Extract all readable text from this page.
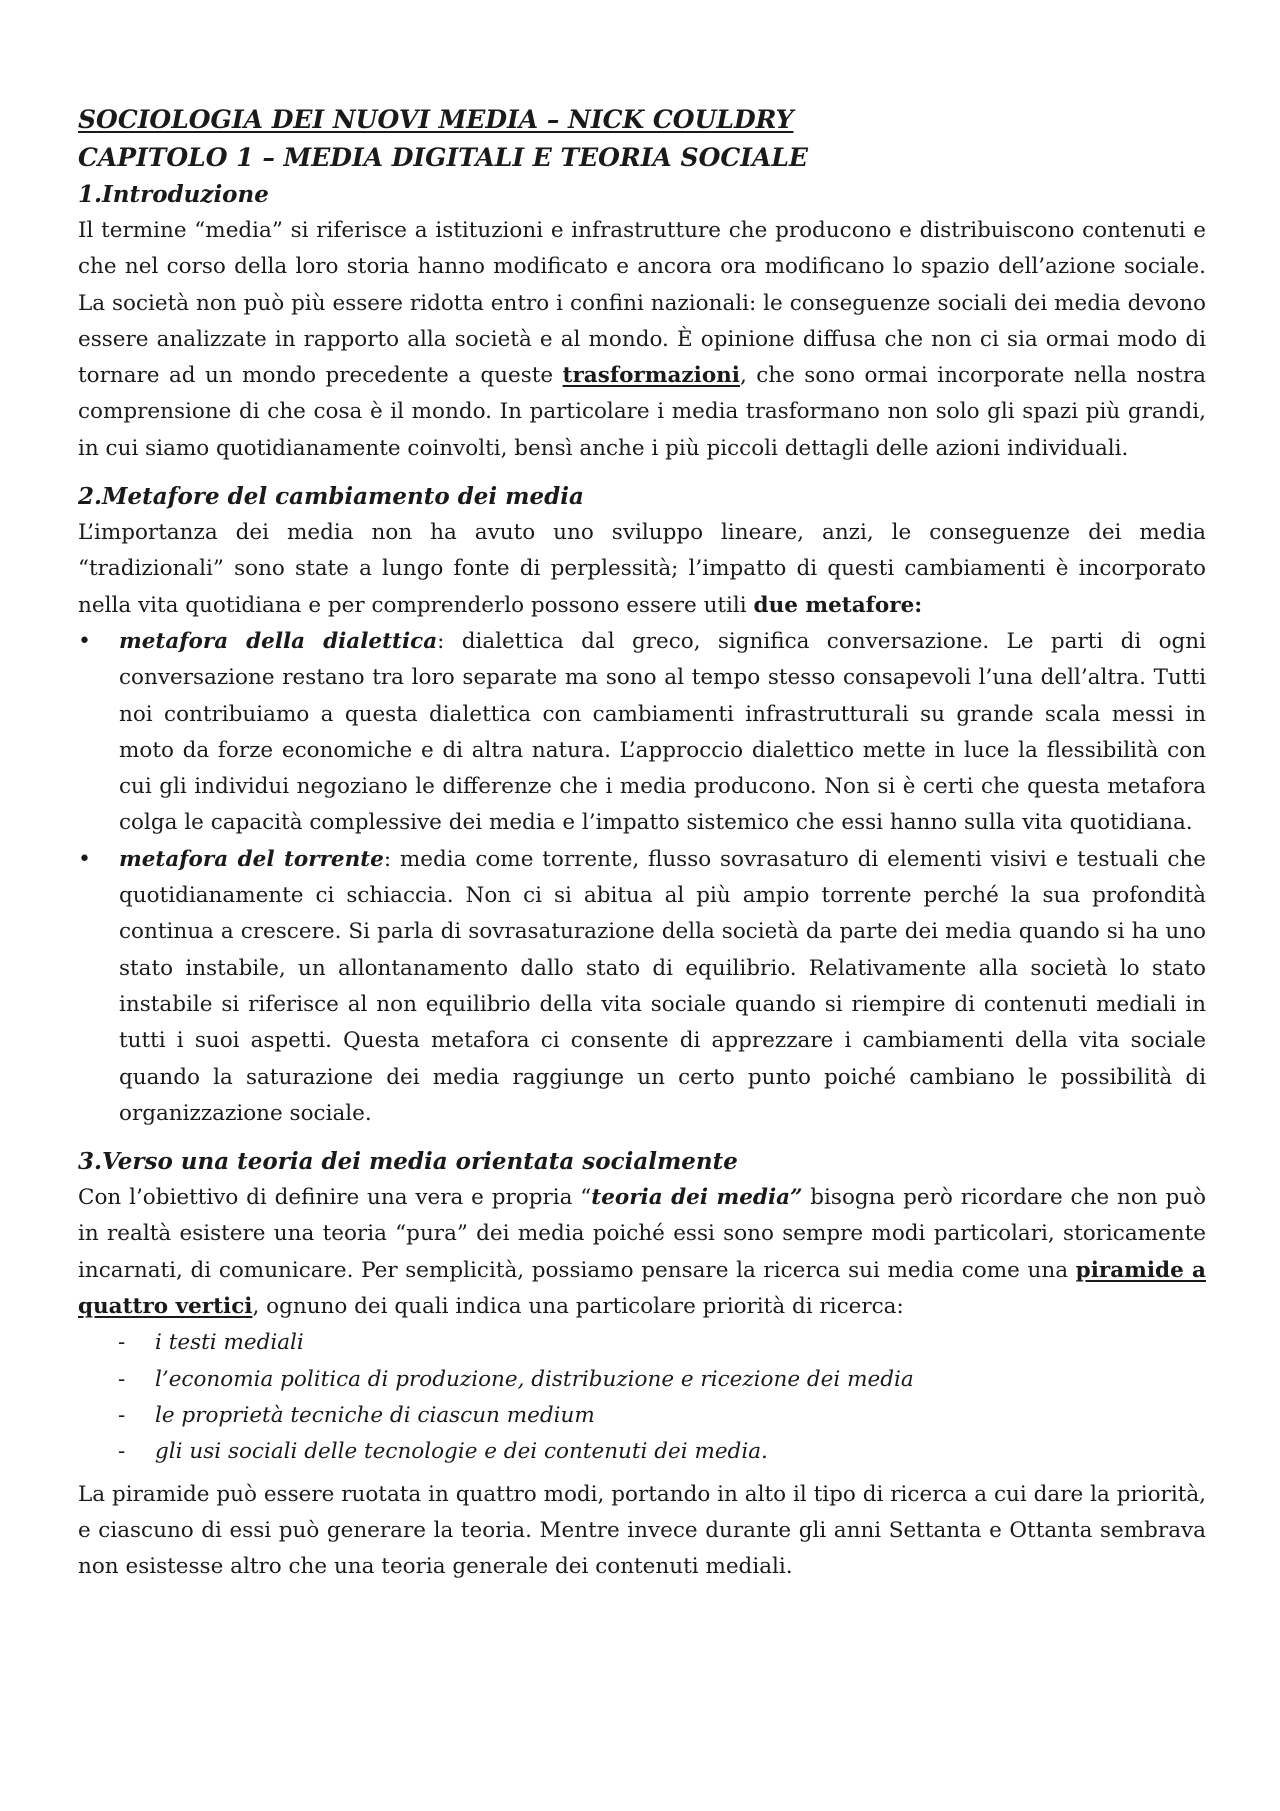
SOCIOLOGIA DEI NUOVI MEDIA – NICK COULDRY
CAPITOLO 1 – MEDIA DIGITALI E TEORIA SOCIALE
1.Introduzione

Il termine “media” si riferisce a istituzioni e infrastrutture che producono e distribuiscono contenuti e che nel corso della loro storia hanno modificato e ancora ora modificano lo spazio dell’azione sociale. La società non può più essere ridotta entro i confini nazionali: le conseguenze sociali dei media devono essere analizzate in rapporto alla società e al mondo. È opinione diffusa che non ci sia ormai modo di tornare ad un mondo precedente a queste trasformazioni, che sono ormai incorporate nella nostra comprensione di che cosa è il mondo. In particolare i media trasformano non solo gli spazi più grandi, in cui siamo quotidianamente coinvolti, bensì anche i più piccoli dettagli delle azioni individuali.

2.Metafore del cambiamento dei media

L’importanza dei media non ha avuto uno sviluppo lineare, anzi, le conseguenze dei media “tradizionali” sono state a lungo fonte di perplessità; l’impatto di questi cambiamenti è incorporato nella vita quotidiana e per comprenderlo possono essere utili due metafore:

• metafora della dialettica: dialettica dal greco, significa conversazione. Le parti di ogni conversazione restano tra loro separate ma sono al tempo stesso consapevoli l’una dell’altra. Tutti noi contribuiamo a questa dialettica con cambiamenti infrastrutturali su grande scala messi in moto da forze economiche e di altra natura. L’approccio dialettico mette in luce la flessibilità con cui gli individui negoziano le differenze che i media producono. Non si è certi che questa metafora colga le capacità complessive dei media e l’impatto sistemico che essi hanno sulla vita quotidiana.
• metafora del torrente: media come torrente, flusso sovrasaturo di elementi visivi e testuali che quotidianamente ci schiaccia. Non ci si abitua al più ampio torrente perché la sua profondità continua a crescere. Si parla di sovrasaturazione della società da parte dei media quando si ha uno stato instabile, un allontanamento dallo stato di equilibrio. Relativamente alla società lo stato instabile si riferisce al non equilibrio della vita sociale quando si riempire di contenuti mediali in tutti i suoi aspetti. Questa metafora ci consente di apprezzare i cambiamenti della vita sociale quando la saturazione dei media raggiunge un certo punto poiché cambiano le possibilità di organizzazione sociale.
3.Verso una teoria dei media orientata socialmente

Con l’obiettivo di definire una vera e propria “teoria dei media” bisogna però ricordare che non può in realtà esistere una teoria “pura” dei media poiché essi sono sempre modi particolari, storicamente incarnati, di comunicare. Per semplicità, possiamo pensare la ricerca sui media come una piramide a quattro vertici, ognuno dei quali indica una particolare priorità di ricerca:

- i testi mediali
- l’economia politica di produzione, distribuzione e ricezione dei media
- le proprietà tecniche di ciascun medium
- gli usi sociali delle tecnologie e dei contenuti dei media.

La piramide può essere ruotata in quattro modi, portando in alto il tipo di ricerca a cui dare la priorità, e ciascuno di essi può generare la teoria. Mentre invece durante gli anni Settanta e Ottanta sembrava non esistesse altro che una teoria generale dei contenuti mediali.
